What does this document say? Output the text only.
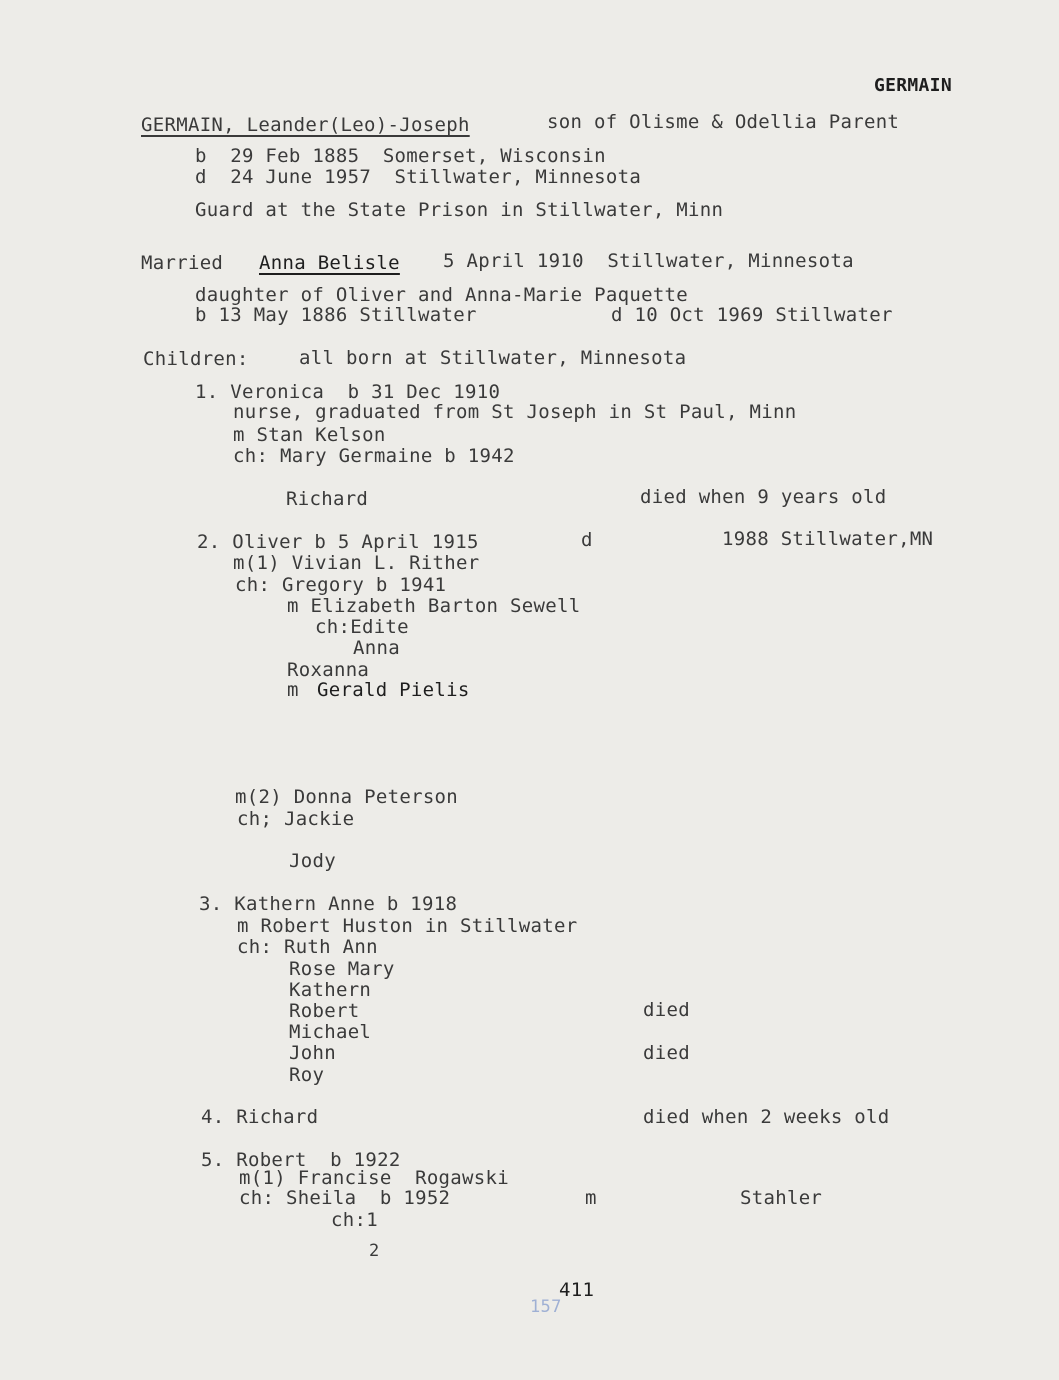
GERMAIN
GERMAIN, Leander(Leo)-Joseph	son of Olisme & Odellia Parent
b  29 Feb 1885  Somerset, Wisconsin
d  24 June 1957  Stillwater, Minnesota
Guard at the State Prison in Stillwater, Minn
Married Anna Belisle 5 April 1910  Stillwater, Minnesota
daughter of Oliver and Anna-Marie Paquette
b 13 May 1886 Stillwater	d 10 Oct 1969 Stillwater
Children:	all born at Stillwater, Minnesota
1. Veronica  b 31 Dec 1910
nurse, graduated from St Joseph in St Paul, Minn
m Stan Kelson
ch: Mary Germaine b 1942
Richard	died when 9 years old
2. Oliver b 5 April 1915	d	1988 Stillwater,MN
m(1) Vivian L. Rither
ch: Gregory b 1941
m Elizabeth Barton Sewell
ch:Edite
Anna
Roxanna
m Gerald Pielis
m(2) Donna Peterson
ch; Jackie
Jody
3. Kathern Anne b 1918
m Robert Huston in Stillwater
ch: Ruth Ann
Rose Mary
Kathern
Robert	died
Michael
John	died
Roy
4. Richard	died when 2 weeks old
5. Robert  b 1922
m(1) Francise  Rogawski
ch: Sheila  b 1952	m	Stahler
ch:1
2
157
411
